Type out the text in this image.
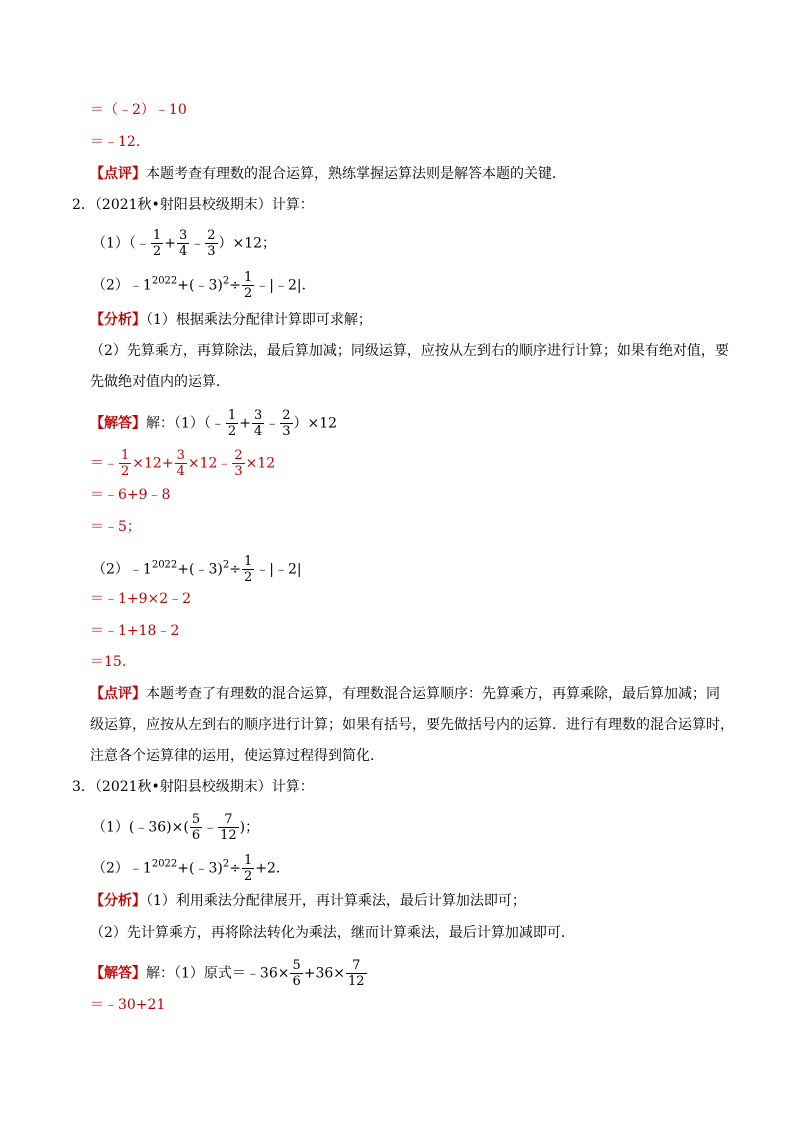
＝（﹣2）﹣10
＝﹣12．
【点评】本题考查有理数的混合运算，熟练掌握运算法则是解答本题的关键．
2．（2021秋•射阳县校级期末）计算：
（1）（﹣ $\frac{1}{2} + \frac{3}{4}$ ﹣ $\frac{2}{3} )\times 12$；
$(2)﹣1^{2022}+(﹣3)^2\div \frac{1}{2}$ ﹣|﹣2|．
【分析】（1）根据乘法分配律计算即可求解；
（2）先算乘方，再算除法，最后算加减；同级运算，应按从左到右的顺序进行计算；如果有绝对值，要
先做绝对值内的运算．
【解答】解：（1）（﹣ $\frac{1}{2} + \frac{3}{4}$ ﹣ $\frac{2}{3} )\times 12$
＝﹣ $\frac{1}{2} \times 12+ \frac{3}{4}$ ×12﹣ $\frac{2}{3} \times 12$
＝﹣6+9﹣8
＝﹣5；
$(2)﹣1^{2022}+(﹣3)^2\div \frac{1}{2}$ ﹣|﹣2|
＝﹣1+9×2﹣2
＝﹣1+18﹣2
＝15．
【点评】本题考查了有理数的混合运算，有理数混合运算顺序：先算乘方，再算乘除，最后算加减；同
级运算，应按从左到右的顺序进行计算；如果有括号，要先做括号内的运算．进行有理数的混合运算时，
注意各个运算律的运用，使运算过程得到简化．
3．（2021秋•射阳县校级期末）计算：
（1）(﹣36)×( $\frac{5}{6}$ ﹣ $\frac{7}{12}$ )；
$(2)﹣1^{2022}+(﹣3)^2\div \frac{1}{2} +2$．
【分析】（1）利用乘法分配律展开，再计算乘法，最后计算加法即可；
（2）先计算乘方，再将除法转化为乘法，继而计算乘法，最后计算加减即可．
【解答】解：（1）原式＝﹣36× $\frac{5}{6} +36\times \frac{7}{12}$
＝﹣30+21
